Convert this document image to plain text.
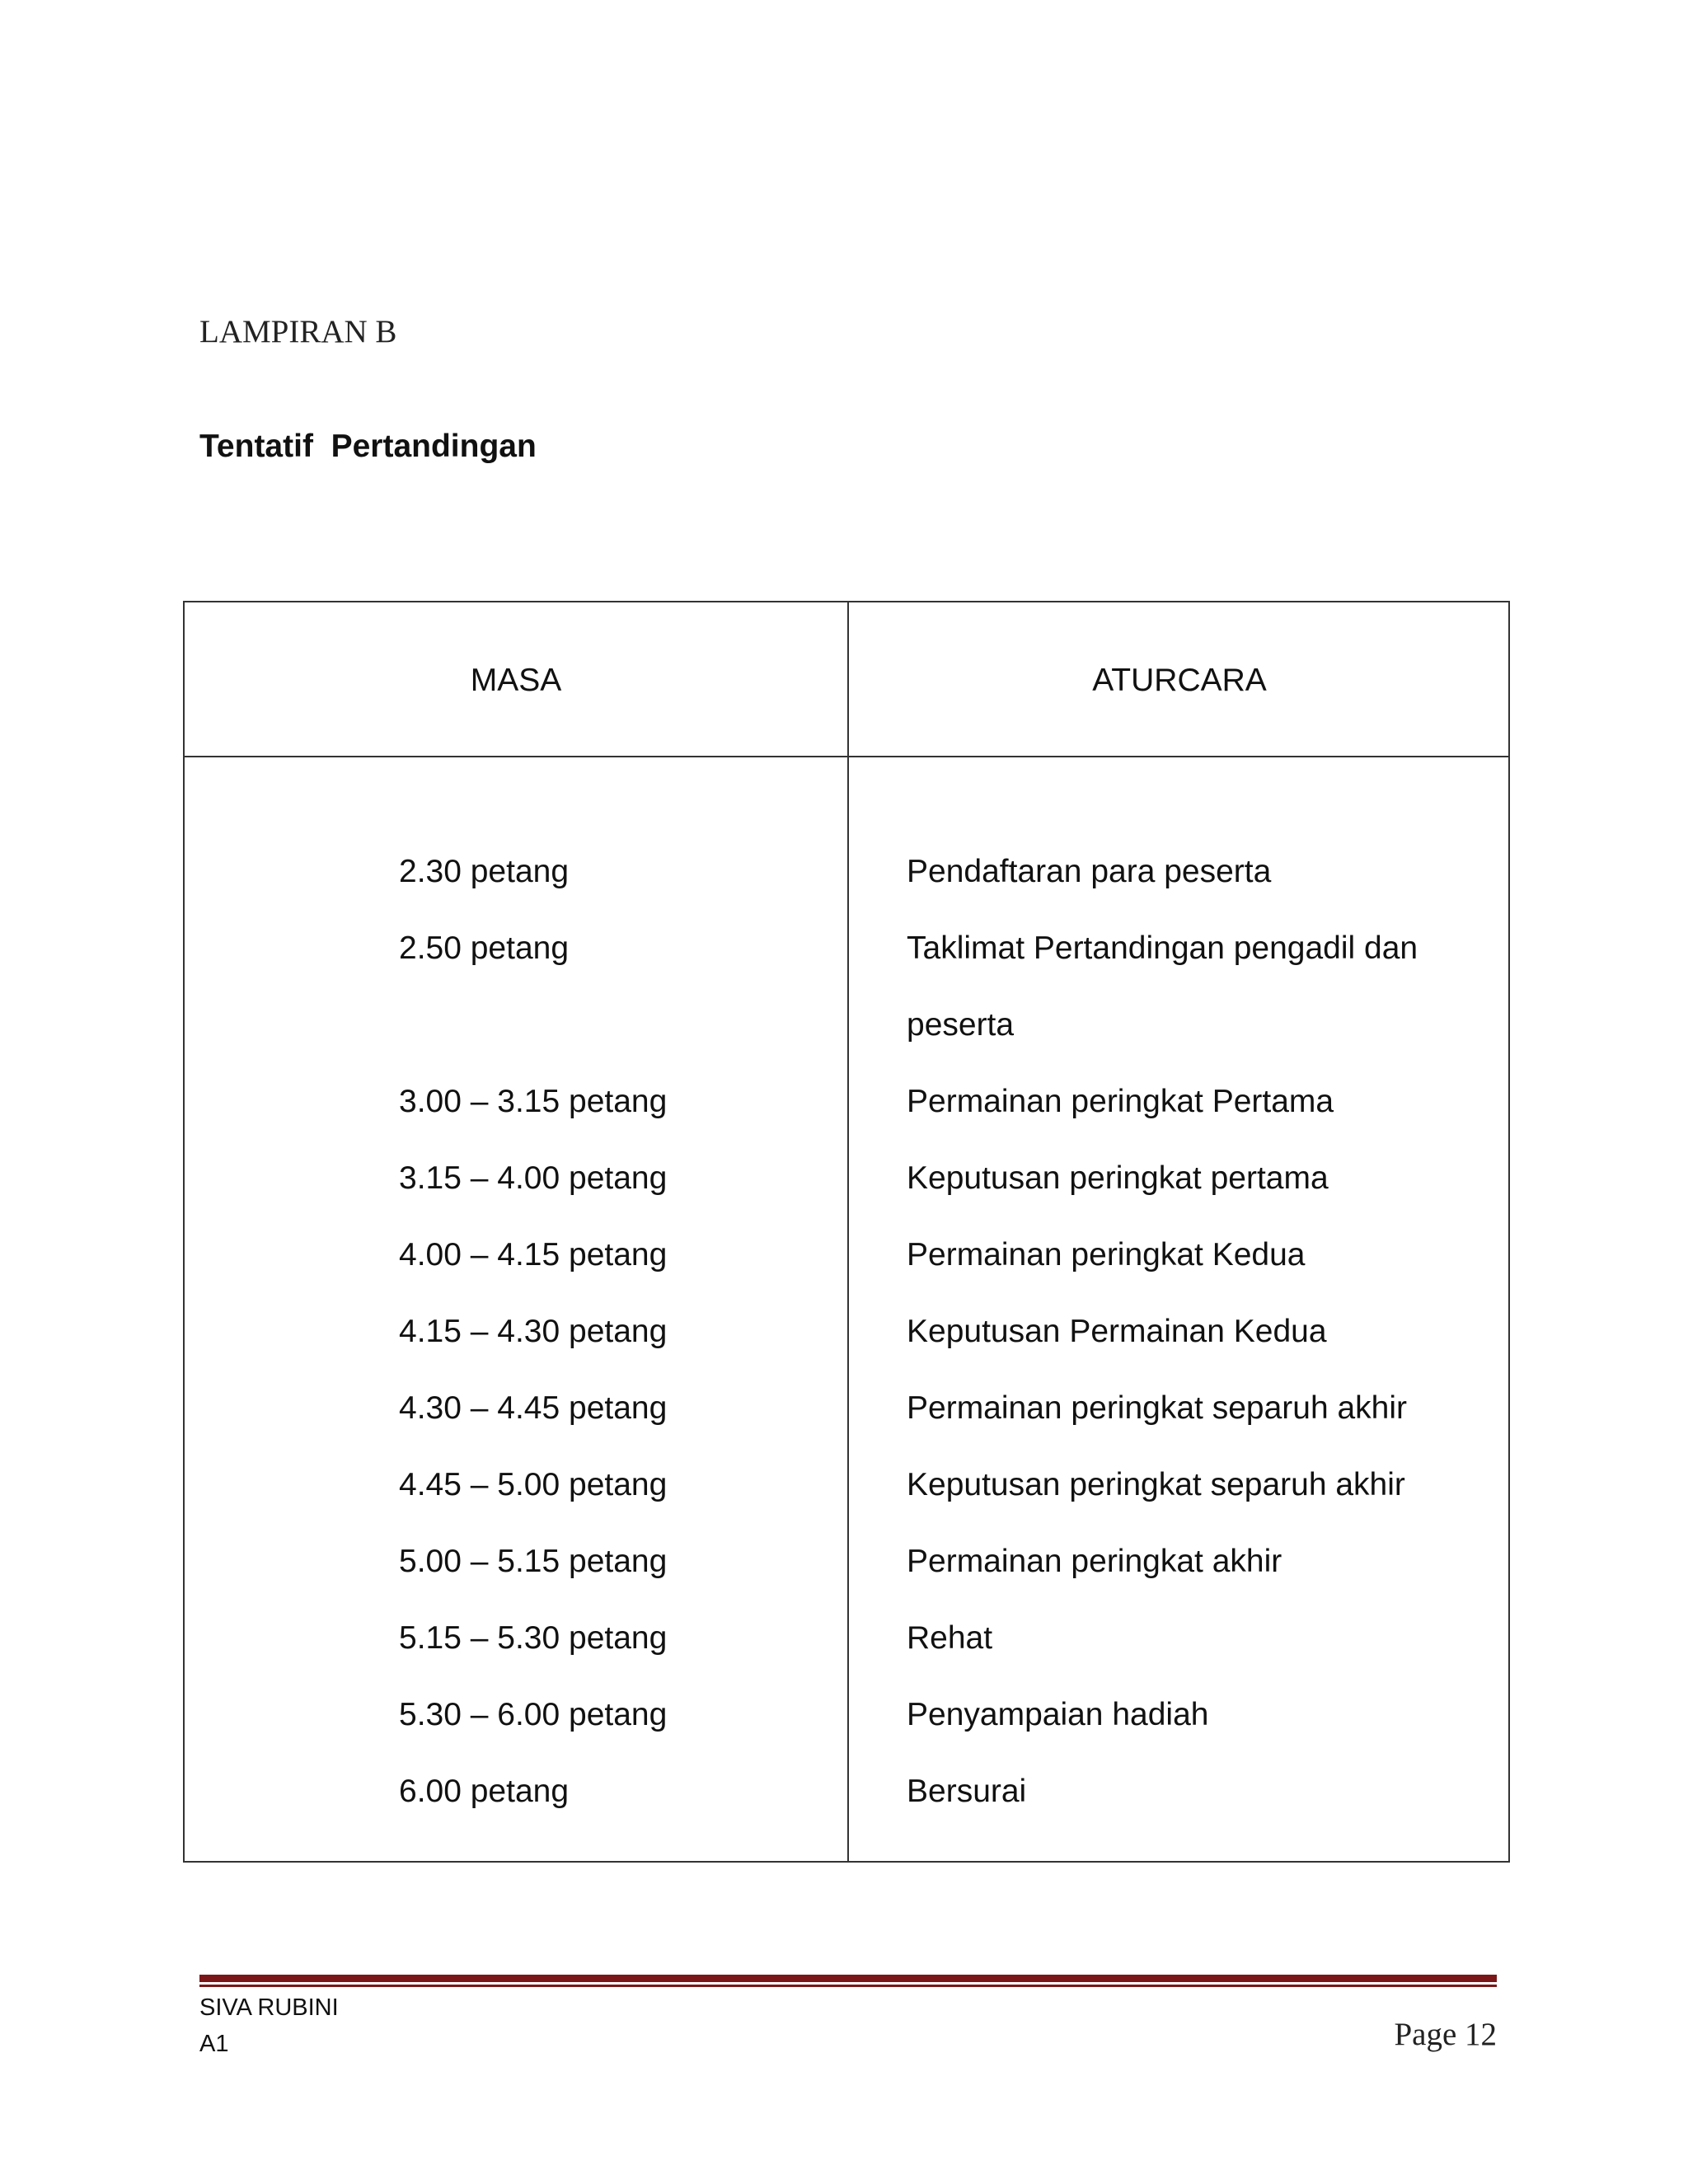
LAMPIRAN B
Tentatif  Pertandingan
MASA	ATURCARA
2.30 petang	Pendaftaran para peserta
2.50 petang	Taklimat Pertandingan pengadil dan peserta
3.00 – 3.15 petang	Permainan peringkat Pertama
3.15 – 4.00 petang	Keputusan peringkat pertama
4.00 – 4.15 petang	Permainan peringkat Kedua
4.15 – 4.30 petang	Keputusan Permainan Kedua
4.30 – 4.45 petang	Permainan peringkat separuh akhir
4.45 – 5.00 petang	Keputusan peringkat separuh akhir
5.00 – 5.15 petang	Permainan peringkat akhir
5.15 – 5.30 petang	Rehat
5.30 – 6.00 petang	Penyampaian hadiah
6.00 petang	Bersurai
SIVA RUBINI
A1	Page 12
